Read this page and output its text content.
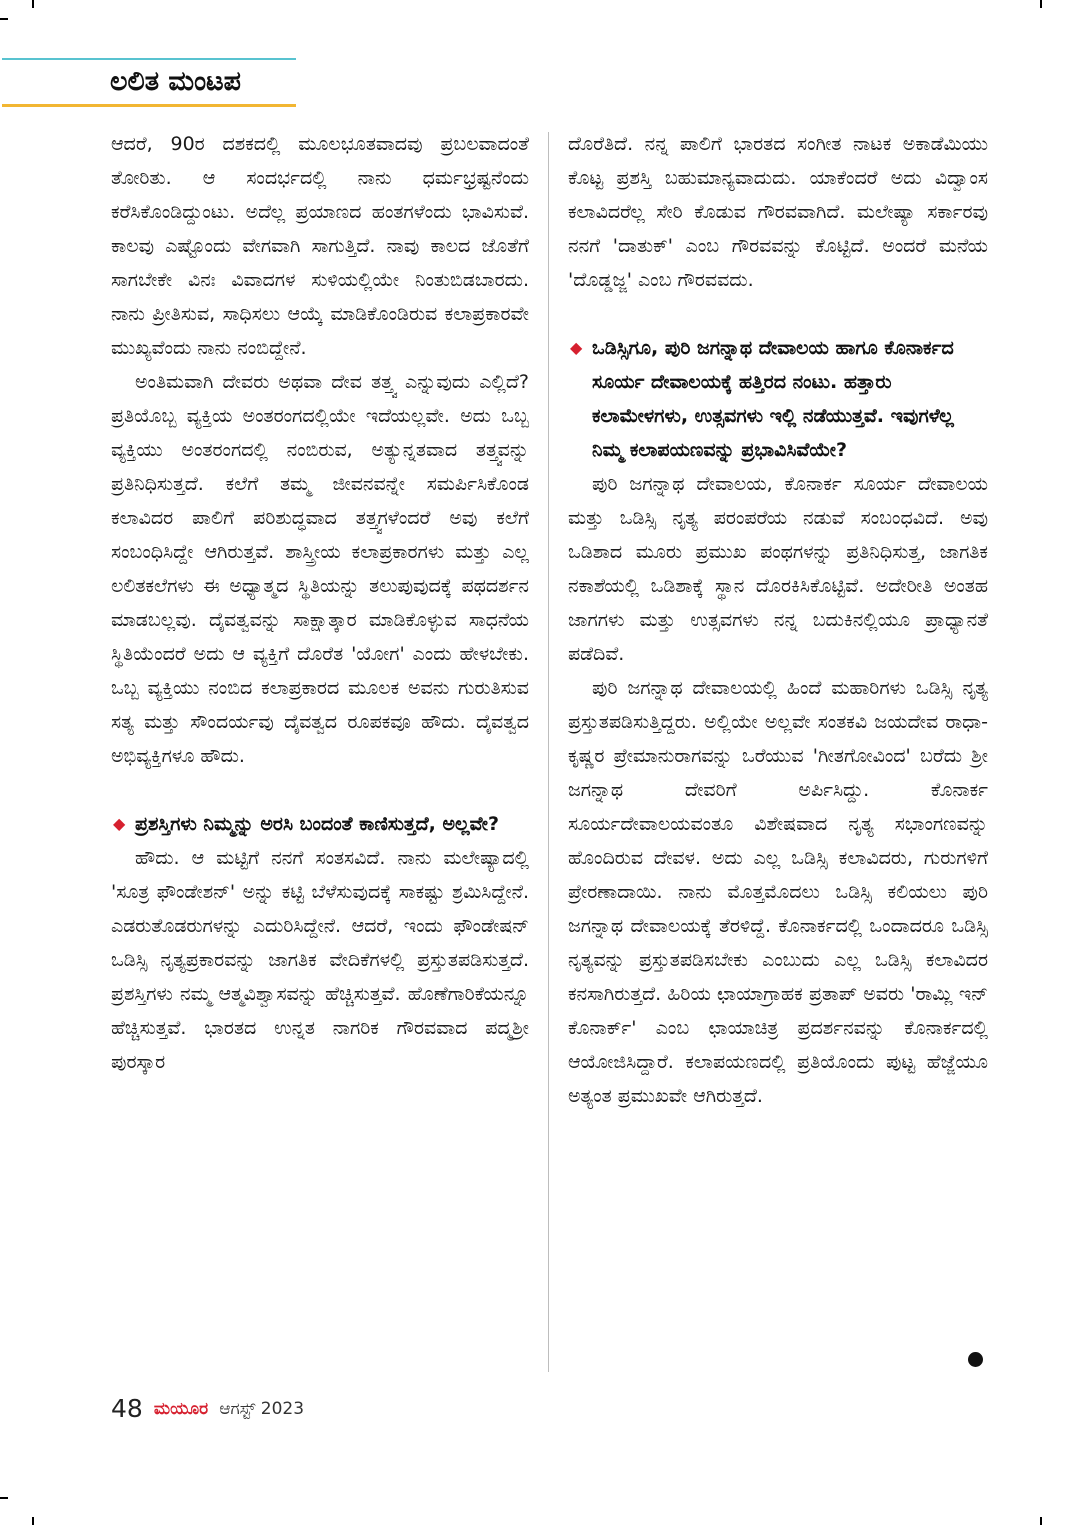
ಲಲಿತ ಮಂಟಪ

ಆದರೆ, 90ರ ದಶಕದಲ್ಲಿ ಮೂಲಭೂತವಾದವು ಪ್ರಬಲವಾದಂತೆ ತೋರಿತು. ಆ ಸಂದರ್ಭದಲ್ಲಿ ನಾನು ಧರ್ಮಭ್ರಷ್ಟನೆಂದು ಕರೆಸಿಕೊಂಡಿದ್ದುಂಟು. ಅದೆಲ್ಲ ಪ್ರಯಾಣದ ಹಂತಗಳೆಂದು ಭಾವಿಸುವೆ. ಕಾಲವು ಎಷ್ಟೊಂದು ವೇಗವಾಗಿ ಸಾಗುತ್ತಿದೆ. ನಾವು ಕಾಲದ ಜೊತೆಗೆ ಸಾಗಬೇಕೇ ವಿನಃ ವಿವಾದಗಳ ಸುಳಿಯಲ್ಲಿಯೇ ನಿಂತುಬಿಡಬಾರದು. ನಾನು ಪ್ರೀತಿಸುವ, ಸಾಧಿಸಲು ಆಯ್ಕೆ ಮಾಡಿಕೊಂಡಿರುವ ಕಲಾಪ್ರಕಾರವೇ ಮುಖ್ಯವೆಂದು ನಾನು ನಂಬಿದ್ದೇನೆ.

ಅಂತಿಮವಾಗಿ ದೇವರು ಅಥವಾ ದೇವ ತತ್ತ್ವ ಎನ್ನುವುದು ಎಲ್ಲಿದೆ? ಪ್ರತಿಯೊಬ್ಬ ವ್ಯಕ್ತಿಯ ಅಂತರಂಗದಲ್ಲಿಯೇ ಇದೆಯಲ್ಲವೇ. ಅದು ಒಬ್ಬ ವ್ಯಕ್ತಿಯು ಅಂತರಂಗದಲ್ಲಿ ನಂಬಿರುವ, ಅತ್ಯುನ್ನತವಾದ ತತ್ತ್ವವನ್ನು ಪ್ರತಿನಿಧಿಸುತ್ತದೆ. ಕಲೆಗೆ ತಮ್ಮ ಜೀವನವನ್ನೇ ಸಮರ್ಪಿಸಿಕೊಂಡ ಕಲಾವಿದರ ಪಾಲಿಗೆ ಪರಿಶುದ್ಧವಾದ ತತ್ತ್ವಗಳೆಂದರೆ ಅವು ಕಲೆಗೆ ಸಂಬಂಧಿಸಿದ್ದೇ ಆಗಿರುತ್ತವೆ. ಶಾಸ್ತ್ರೀಯ ಕಲಾಪ್ರಕಾರಗಳು ಮತ್ತು ಎಲ್ಲ ಲಲಿತಕಲೆಗಳು ಈ ಅಧ್ಯಾತ್ಮದ ಸ್ಥಿತಿಯನ್ನು ತಲುಪುವುದಕ್ಕೆ ಪಥದರ್ಶನ ಮಾಡಬಲ್ಲವು. ದೈವತ್ವವನ್ನು ಸಾಕ್ಷಾತ್ಕಾರ ಮಾಡಿಕೊಳ್ಳುವ ಸಾಧನೆಯ ಸ್ಥಿತಿಯೆಂದರೆ ಅದು ಆ ವ್ಯಕ್ತಿಗೆ ದೊರೆತ 'ಯೋಗ' ಎಂದು ಹೇಳಬೇಕು. ಒಬ್ಬ ವ್ಯಕ್ತಿಯು ನಂಬಿದ ಕಲಾಪ್ರಕಾರದ ಮೂಲಕ ಅವನು ಗುರುತಿಸುವ ಸತ್ಯ ಮತ್ತು ಸೌಂದರ್ಯವು ದೈವತ್ವದ ರೂಪಕವೂ ಹೌದು. ದೈವತ್ವದ ಅಭಿವ್ಯಕ್ತಿಗಳೂ ಹೌದು.

◆ ಪ್ರಶಸ್ತಿಗಳು ನಿಮ್ಮನ್ನು ಅರಸಿ ಬಂದಂತೆ ಕಾಣಿಸುತ್ತದೆ, ಅಲ್ಲವೇ?

ಹೌದು. ಆ ಮಟ್ಟಿಗೆ ನನಗೆ ಸಂತಸವಿದೆ. ನಾನು ಮಲೇಷ್ಯಾದಲ್ಲಿ 'ಸೂತ್ರ ಫೌಂಡೇಶನ್' ಅನ್ನು ಕಟ್ಟಿ ಬೆಳೆಸುವುದಕ್ಕೆ ಸಾಕಷ್ಟು ಶ್ರಮಿಸಿದ್ದೇನೆ. ಎಡರುತೊಡರುಗಳನ್ನು ಎದುರಿಸಿದ್ದೇನೆ. ಆದರೆ, ಇಂದು ಫೌಂಡೇಷನ್ ಒಡಿಸ್ಸಿ ನೃತ್ಯಪ್ರಕಾರವನ್ನು ಜಾಗತಿಕ ವೇದಿಕೆಗಳಲ್ಲಿ ಪ್ರಸ್ತುತಪಡಿಸುತ್ತದೆ. ಪ್ರಶಸ್ತಿಗಳು ನಮ್ಮ ಆತ್ಮವಿಶ್ವಾಸವನ್ನು ಹೆಚ್ಚಿಸುತ್ತವೆ. ಹೊಣೆಗಾರಿಕೆಯನ್ನೂ ಹೆಚ್ಚಿಸುತ್ತವೆ. ಭಾರತದ ಉನ್ನತ ನಾಗರಿಕ ಗೌರವವಾದ ಪದ್ಮಶ್ರೀ ಪುರಸ್ಕಾರ

ದೊರೆತಿದೆ. ನನ್ನ ಪಾಲಿಗೆ ಭಾರತದ ಸಂಗೀತ ನಾಟಕ ಅಕಾಡೆಮಿಯು ಕೊಟ್ಟ ಪ್ರಶಸ್ತಿ ಬಹುಮಾನ್ಯವಾದುದು. ಯಾಕೆಂದರೆ ಅದು ವಿದ್ವಾಂಸ ಕಲಾವಿದರೆಲ್ಲ ಸೇರಿ ಕೊಡುವ ಗೌರವವಾಗಿದೆ. ಮಲೇಷ್ಯಾ ಸರ್ಕಾರವು ನನಗೆ 'ದಾತುಕ್' ಎಂಬ ಗೌರವವನ್ನು ಕೊಟ್ಟಿದೆ. ಅಂದರೆ ಮನೆಯ 'ದೊಡ್ಡಜ್ಜ' ಎಂಬ ಗೌರವವದು.

◆ ಒಡಿಸ್ಸಿಗೂ, ಪುರಿ ಜಗನ್ನಾಥ ದೇವಾಲಯ ಹಾಗೂ ಕೊನಾರ್ಕದ ಸೂರ್ಯ ದೇವಾಲಯಕ್ಕೆ ಹತ್ತಿರದ ನಂಟು. ಹತ್ತಾರು ಕಲಾಮೇಳಗಳು, ಉತ್ಸವಗಳು ಇಲ್ಲಿ ನಡೆಯುತ್ತವೆ. ಇವುಗಳೆಲ್ಲ ನಿಮ್ಮ ಕಲಾಪಯಣವನ್ನು ಪ್ರಭಾವಿಸಿವೆಯೇ?

ಪುರಿ ಜಗನ್ನಾಥ ದೇವಾಲಯ, ಕೊನಾರ್ಕ ಸೂರ್ಯ ದೇವಾಲಯ ಮತ್ತು ಒಡಿಸ್ಸಿ ನೃತ್ಯ ಪರಂಪರೆಯ ನಡುವೆ ಸಂಬಂಧವಿದೆ. ಅವು ಒಡಿಶಾದ ಮೂರು ಪ್ರಮುಖ ಪಂಥಗಳನ್ನು ಪ್ರತಿನಿಧಿಸುತ್ತ, ಜಾಗತಿಕ ನಕಾಶೆಯಲ್ಲಿ ಒಡಿಶಾಕ್ಕೆ ಸ್ಥಾನ ದೊರಕಿಸಿಕೊಟ್ಟಿವೆ. ಅದೇರೀತಿ ಅಂತಹ ಜಾಗಗಳು ಮತ್ತು ಉತ್ಸವಗಳು ನನ್ನ ಬದುಕಿನಲ್ಲಿಯೂ ಪ್ರಾಧ್ಯಾನತೆ ಪಡೆದಿವೆ.

ಪುರಿ ಜಗನ್ನಾಥ ದೇವಾಲಯಲ್ಲಿ ಹಿಂದೆ ಮಹಾರಿಗಳು ಒಡಿಸ್ಸಿ ನೃತ್ಯ ಪ್ರಸ್ತುತಪಡಿಸುತ್ತಿದ್ದರು. ಅಲ್ಲಿಯೇ ಅಲ್ಲವೇ ಸಂತಕವಿ ಜಯದೇವ ರಾಧಾ-ಕೃಷ್ಣರ ಪ್ರೇಮಾನುರಾಗವನ್ನು ಒರೆಯುವ 'ಗೀತಗೋವಿಂದ' ಬರೆದು ಶ್ರೀ ಜಗನ್ನಾಥ ದೇವರಿಗೆ ಅರ್ಪಿಸಿದ್ದು. ಕೊನಾರ್ಕ ಸೂರ್ಯದೇವಾಲಯವಂತೂ ವಿಶೇಷವಾದ ನೃತ್ಯ ಸಭಾಂಗಣವನ್ನು ಹೊಂದಿರುವ ದೇವಳ. ಅದು ಎಲ್ಲ ಒಡಿಸ್ಸಿ ಕಲಾವಿದರು, ಗುರುಗಳಿಗೆ ಪ್ರೇರಣಾದಾಯಿ. ನಾನು ಮೊತ್ತಮೊದಲು ಒಡಿಸ್ಸಿ ಕಲಿಯಲು ಪುರಿ ಜಗನ್ನಾಥ ದೇವಾಲಯಕ್ಕೆ ತೆರಳಿದ್ದೆ. ಕೊನಾರ್ಕದಲ್ಲಿ ಒಂದಾದರೂ ಒಡಿಸ್ಸಿ ನೃತ್ಯವನ್ನು ಪ್ರಸ್ತುತಪಡಿಸಬೇಕು ಎಂಬುದು ಎಲ್ಲ ಒಡಿಸ್ಸಿ ಕಲಾವಿದರ ಕನಸಾಗಿರುತ್ತದೆ. ಹಿರಿಯ ಛಾಯಾಗ್ರಾಹಕ ಪ್ರತಾಪ್ ಅವರು 'ರಾಮ್ಲಿ ಇನ್ ಕೊನಾರ್ಕ್' ಎಂಬ ಛಾಯಾಚಿತ್ರ ಪ್ರದರ್ಶನವನ್ನು ಕೊನಾರ್ಕದಲ್ಲಿ ಆಯೋಜಿಸಿದ್ದಾರೆ. ಕಲಾಪಯಣದಲ್ಲಿ ಪ್ರತಿಯೊಂದು ಪುಟ್ಟ ಹೆಜ್ಜೆಯೂ ಅತ್ಯಂತ ಪ್ರಮುಖವೇ ಆಗಿರುತ್ತದೆ.

48 ಮಯೂರ ಆಗಸ್ಟ್ 2023
